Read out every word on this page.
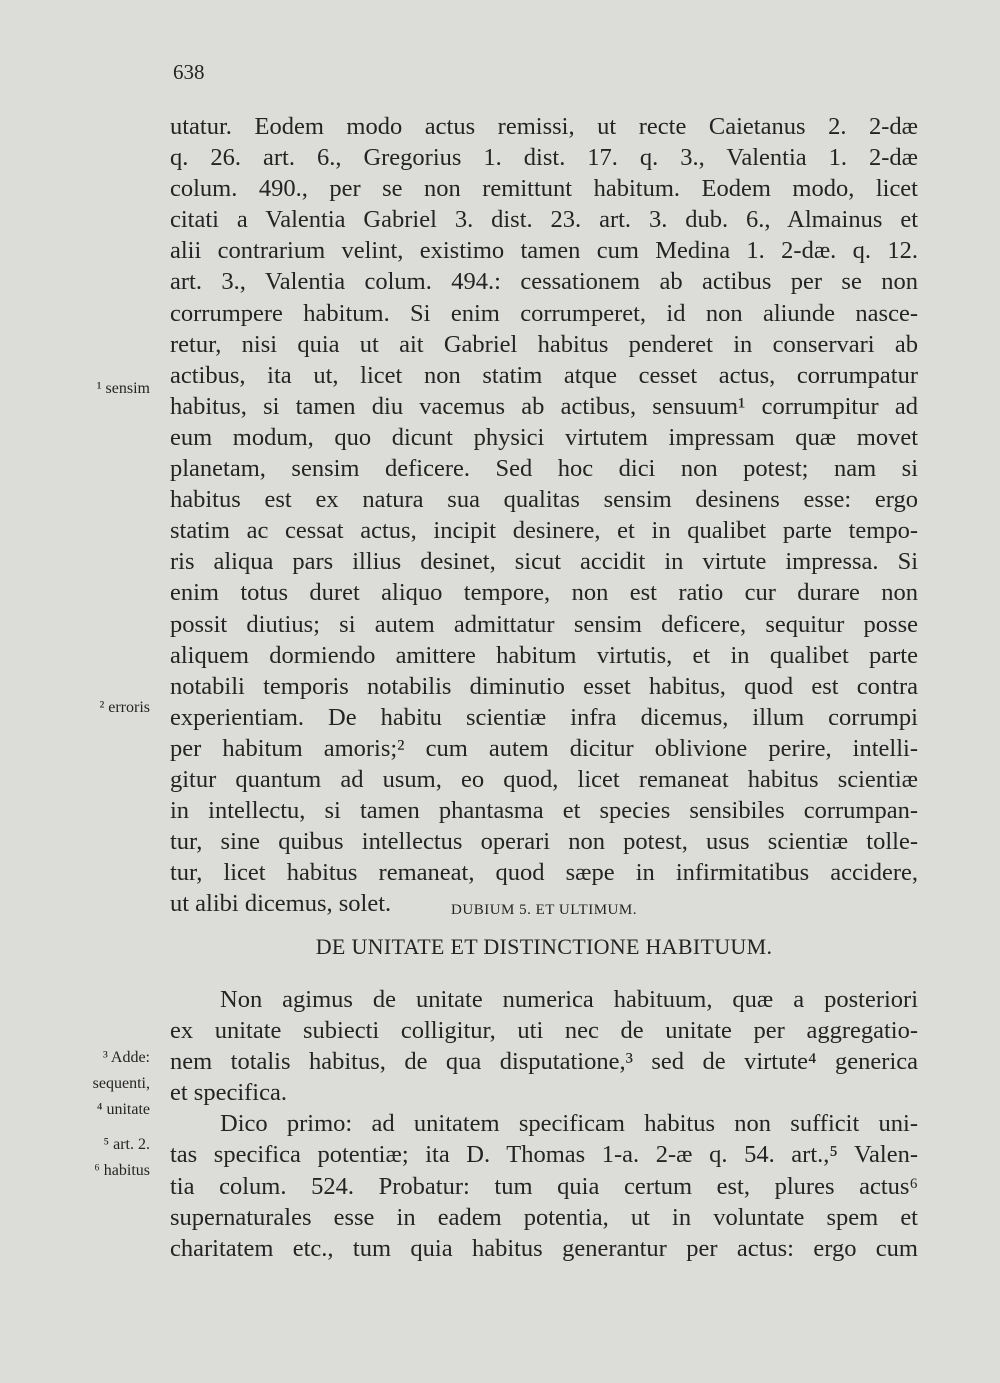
638
utatur. Eodem modo actus remissi, ut recte Caietanus 2. 2-dæ
q. 26. art. 6., Gregorius 1. dist. 17. q. 3., Valentia 1. 2-dæ
colum. 490., per se non remittunt habitum. Eodem modo, licet
citati a Valentia Gabriel 3. dist. 23. art. 3. dub. 6., Almainus et
alii contrarium velint, existimo tamen cum Medina 1. 2-dæ. q. 12.
art. 3., Valentia colum. 494.: cessationem ab actibus per se non
corrumpere habitum. Si enim corrumperet, id non aliunde nasce-
retur, nisi quia ut ait Gabriel habitus penderet in conservari ab
actibus, ita ut, licet non statim atque cesset actus, corrumpatur
habitus, si tamen diu vacemus ab actibus, sensuum¹ corrumpitur ad
eum modum, quo dicunt physici virtutem impressam quæ movet
planetam, sensim deficere. Sed hoc dici non potest; nam si
habitus est ex natura sua qualitas sensim desinens esse: ergo
statim ac cessat actus, incipit desinere, et in qualibet parte tempo-
ris aliqua pars illius desinet, sicut accidit in virtute impressa. Si
enim totus duret aliquo tempore, non est ratio cur durare non
possit diutius; si autem admittatur sensim deficere, sequitur posse
aliquem dormiendo amittere habitum virtutis, et in qualibet parte
notabili temporis notabilis diminutio esset habitus, quod est contra
experientiam. De habitu scientiæ infra dicemus, illum corrumpi
per habitum amoris;² cum autem dicitur oblivione perire, intelli-
gitur quantum ad usum, eo quod, licet remaneat habitus scientiæ
in intellectu, si tamen phantasma et species sensibiles corrumpan-
tur, sine quibus intellectus operari non potest, usus scientiæ tolle-
tur, licet habitus remaneat, quod sæpe in infirmitatibus accidere,
ut alibi dicemus, solet.	DUBIUM 5. ET ULTIMUM.
DE UNITATE ET DISTINCTIONE HABITUUM.
Non agimus de unitate numerica habituum, quæ a posteriori
ex unitate subiecti colligitur, uti nec de unitate per aggregatio-
nem totalis habitus, de qua disputatione,³ sed de virtute⁴ generica
et specifica.
Dico primo: ad unitatem specificam habitus non sufficit uni-
tas specifica potentiæ; ita D. Thomas 1-a. 2-æ q. 54. art.,⁵ Valen-
tia colum. 524. Probatur: tum quia certum est, plures actus⁶
supernaturales esse in eadem potentia, ut in voluntate spem et
charitatem etc., tum quia habitus generantur per actus: ergo cum
¹ sensim
² erroris
³ Adde:
sequenti,
⁴ unitate
⁵ art. 2.
⁶ habitus
